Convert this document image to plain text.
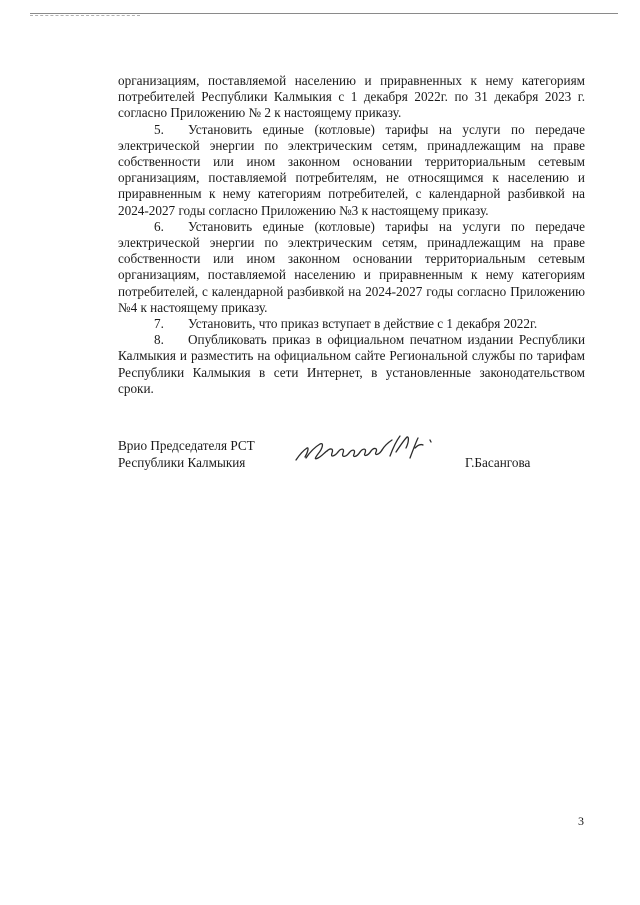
организациям, поставляемой населению и приравненных к нему категориям потребителей Республики Калмыкия с 1 декабря 2022г. по 31 декабря 2023 г. согласно Приложению № 2 к настоящему приказу.

5. Установить единые (котловые) тарифы на услуги по передаче электрической энергии по электрическим сетям, принадлежащим на праве собственности или ином законном основании территориальным сетевым организациям, поставляемой потребителям, не относящимся к населению и приравненным к нему категориям потребителей, с календарной разбивкой на 2024-2027 годы согласно Приложению №3 к настоящему приказу.

6. Установить единые (котловые) тарифы на услуги по передаче электрической энергии по электрическим сетям, принадлежащим на праве собственности или ином законном основании территориальным сетевым организациям, поставляемой населению и приравненным к нему категориям потребителей, с календарной разбивкой на 2024-2027 годы согласно Приложению №4 к настоящему приказу.

7. Установить, что приказ вступает в действие с 1 декабря 2022г.

8. Опубликовать приказ в официальном печатном издании Республики Калмыкия и разместить на официальном сайте Региональной службы по тарифам Республики Калмыкия в сети Интернет, в установленные законодательством сроки.

Врио Председателя РСТ
Республики Калмыкия	Г.Басангова
3
